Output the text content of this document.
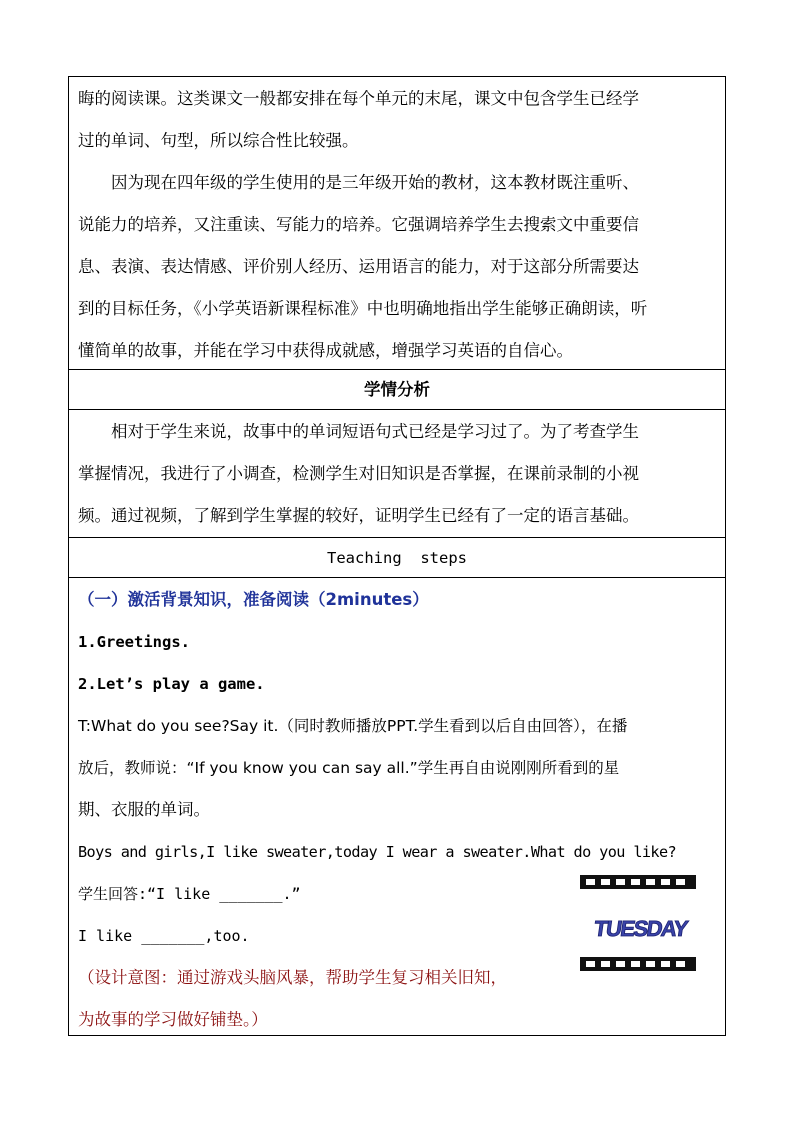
晦的阅读课。这类课文一般都安排在每个单元的末尾，课文中包含学生已经学
过的单词、句型，所以综合性比较强。
因为现在四年级的学生使用的是三年级开始的教材，这本教材既注重听、
说能力的培养，又注重读、写能力的培养。它强调培养学生去搜索文中重要信
息、表演、表达情感、评价别人经历、运用语言的能力，对于这部分所需要达
到的目标任务，《小学英语新课程标准》中也明确地指出学生能够正确朗读，听
懂简单的故事，并能在学习中获得成就感，增强学习英语的自信心。
学情分析
相对于学生来说，故事中的单词短语句式已经是学习过了。为了考查学生
掌握情况，我进行了小调查，检测学生对旧知识是否掌握，在课前录制的小视
频。通过视频，了解到学生掌握的较好，证明学生已经有了一定的语言基础。
Teaching  steps
（一）激活背景知识，准备阅读（2minutes）
1.Greetings.
2.Let’s play a game.
T:What do you see?Say it.（同时教师播放PPT.学生看到以后自由回答），在播
放后，教师说：“If you know you can say all.”学生再自由说刚刚所看到的星
期、衣服的单词。
Boys and girls,I like sweater,today I wear a sweater.What do you like?
学生回答:“I like _______.”
I like _______,too.
（设计意图：通过游戏头脑风暴，帮助学生复习相关旧知，
为故事的学习做好铺垫。）
TUESDAY
